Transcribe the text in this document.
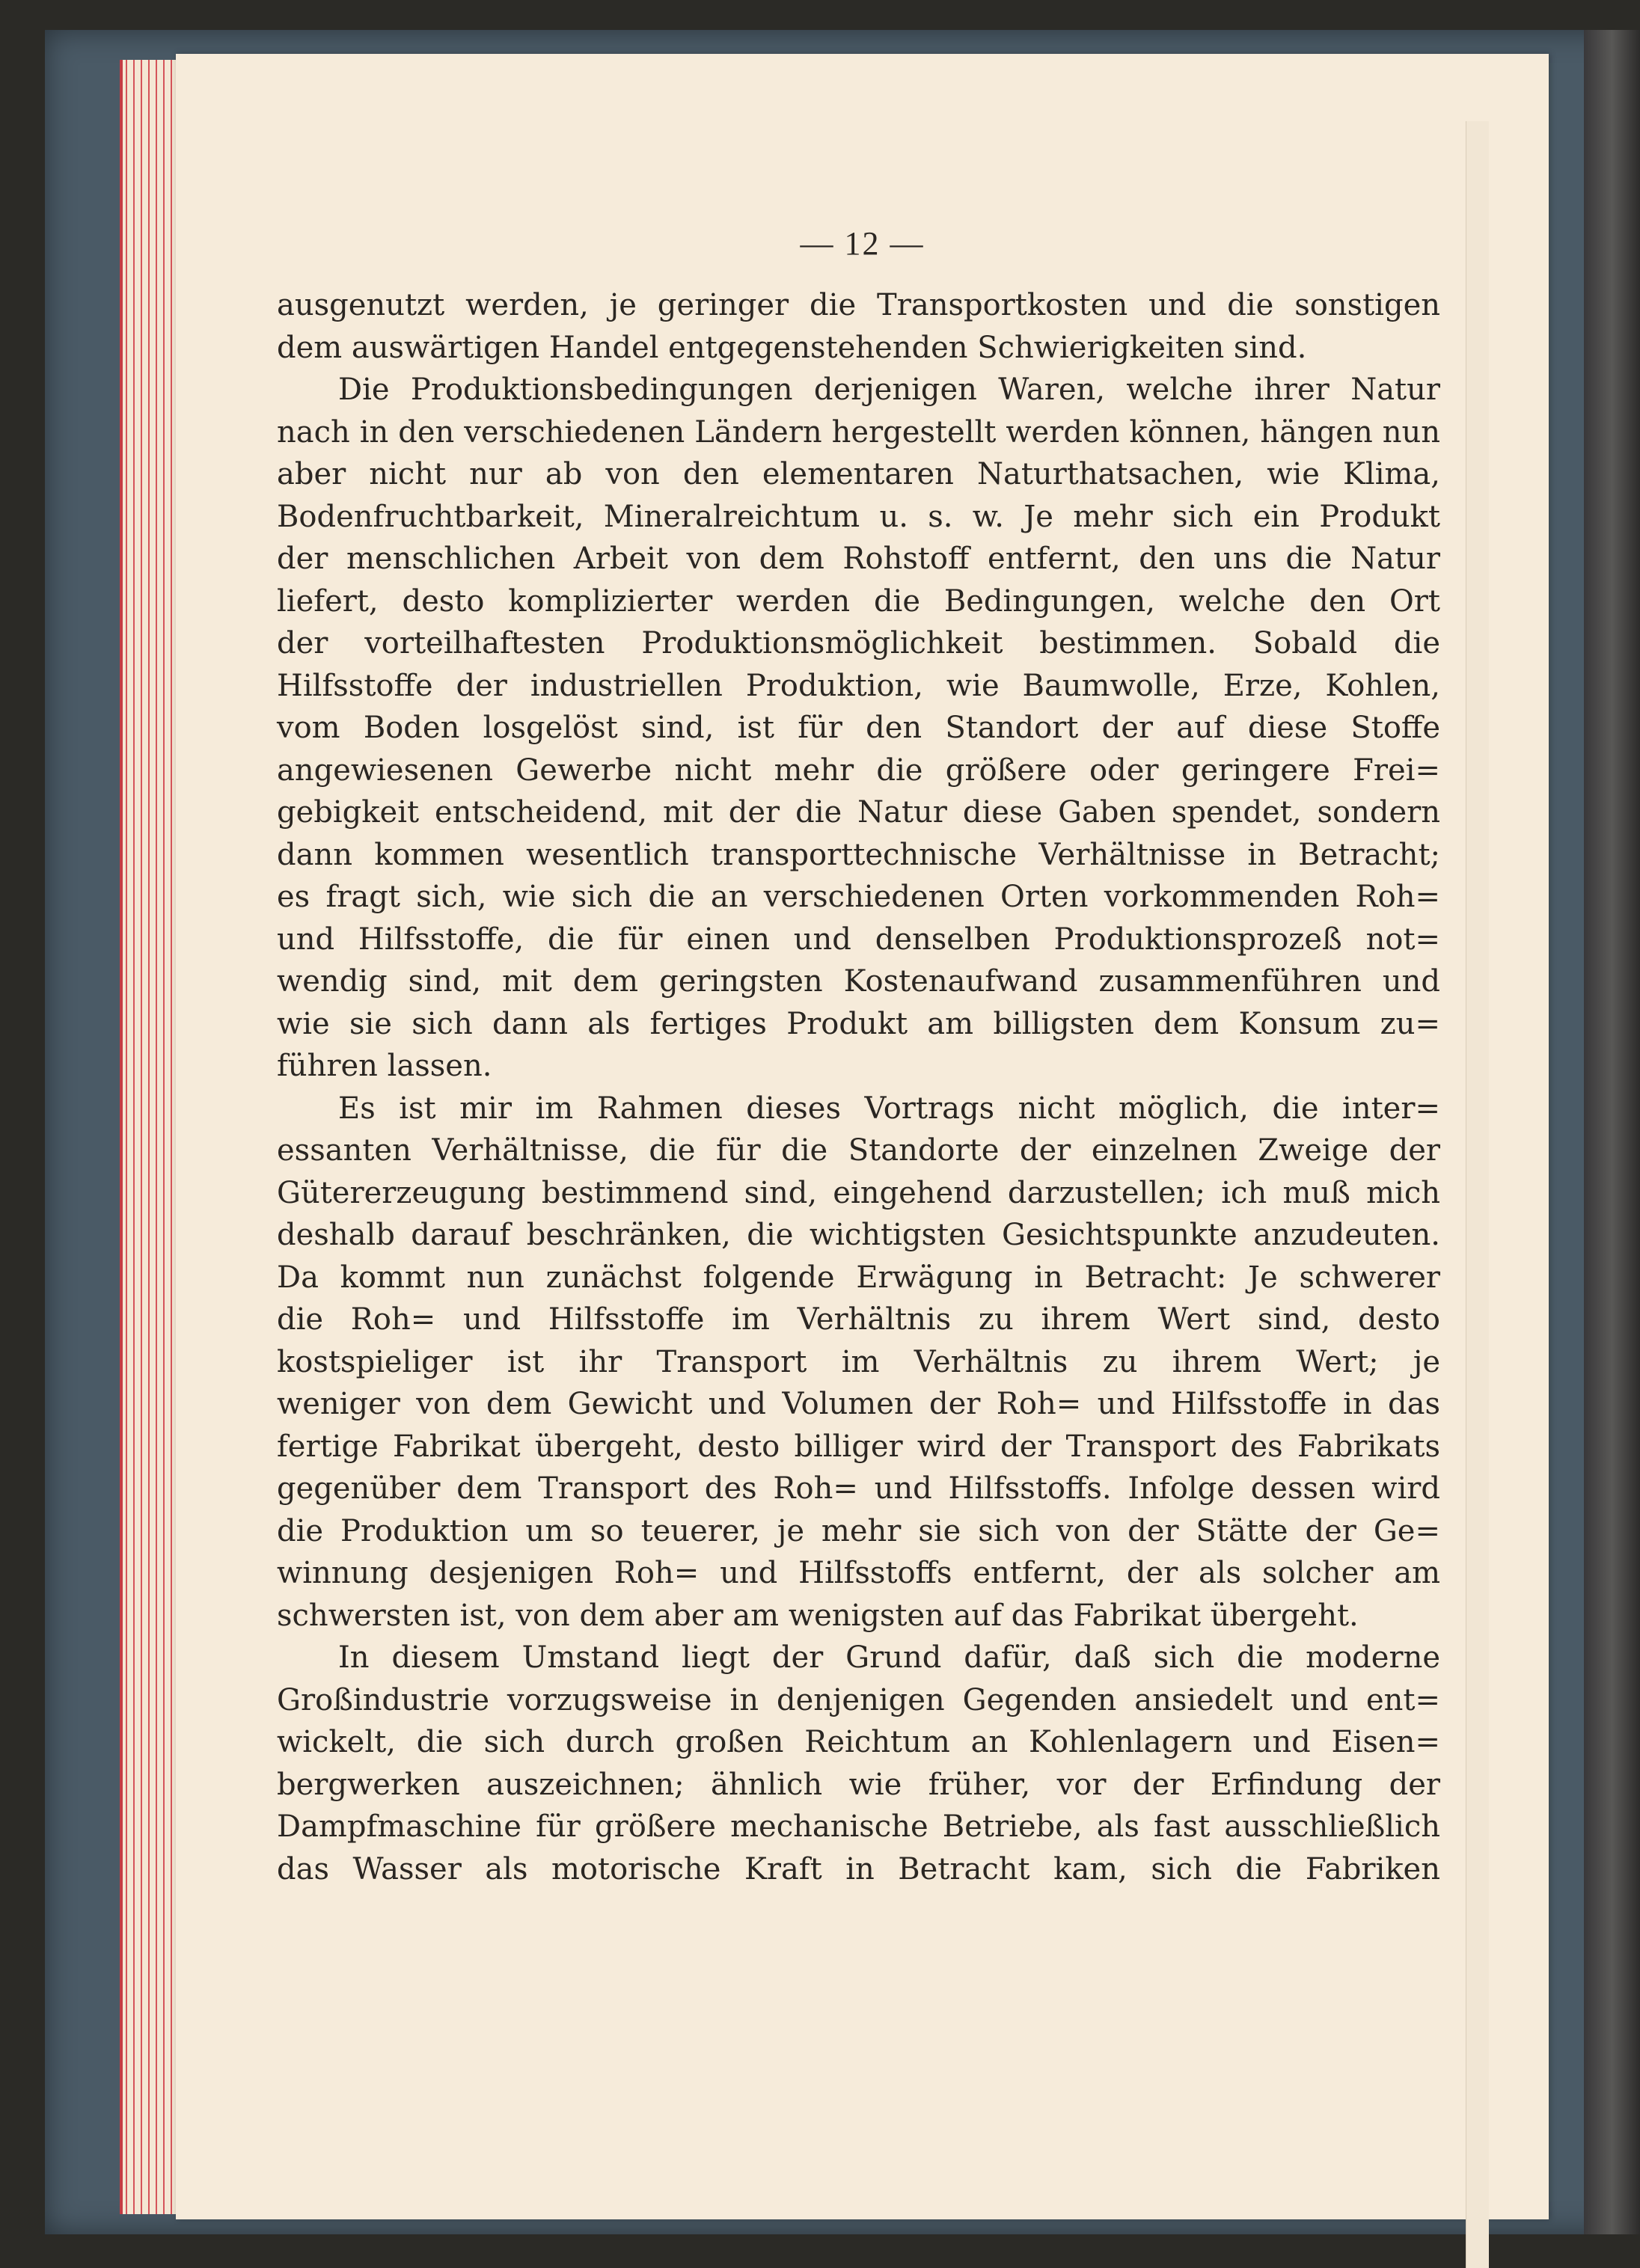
— 12 —
ausgenutzt werden, je geringer die Transportkosten und die sonstigen
dem auswärtigen Handel entgegenstehenden Schwierigkeiten sind.
Die Produktionsbedingungen derjenigen Waren, welche ihrer Natur
nach in den verschiedenen Ländern hergestellt werden können, hängen nun
aber nicht nur ab von den elementaren Naturthatsachen, wie Klima,
Bodenfruchtbarkeit, Mineralreichtum u. s. w. Je mehr sich ein Produkt
der menschlichen Arbeit von dem Rohstoff entfernt, den uns die Natur
liefert, desto komplizierter werden die Bedingungen, welche den Ort
der vorteilhaftesten Produktionsmöglichkeit bestimmen. Sobald die
Hilfsstoffe der industriellen Produktion, wie Baumwolle, Erze, Kohlen,
vom Boden losgelöst sind, ist für den Standort der auf diese Stoffe
angewiesenen Gewerbe nicht mehr die größere oder geringere Frei=
gebigkeit entscheidend, mit der die Natur diese Gaben spendet, sondern
dann kommen wesentlich transporttechnische Verhältnisse in Betracht;
es fragt sich, wie sich die an verschiedenen Orten vorkommenden Roh=
und Hilfsstoffe, die für einen und denselben Produktionsprozeß not=
wendig sind, mit dem geringsten Kostenaufwand zusammenführen und
wie sie sich dann als fertiges Produkt am billigsten dem Konsum zu=
führen lassen.
Es ist mir im Rahmen dieses Vortrags nicht möglich, die inter=
essanten Verhältnisse, die für die Standorte der einzelnen Zweige der
Gütererzeugung bestimmend sind, eingehend darzustellen; ich muß mich
deshalb darauf beschränken, die wichtigsten Gesichtspunkte anzudeuten.
Da kommt nun zunächst folgende Erwägung in Betracht: Je schwerer
die Roh= und Hilfsstoffe im Verhältnis zu ihrem Wert sind, desto
kostspieliger ist ihr Transport im Verhältnis zu ihrem Wert; je
weniger von dem Gewicht und Volumen der Roh= und Hilfsstoffe in das
fertige Fabrikat übergeht, desto billiger wird der Transport des Fabrikats
gegenüber dem Transport des Roh= und Hilfsstoffs. Infolge dessen wird
die Produktion um so teuerer, je mehr sie sich von der Stätte der Ge=
winnung desjenigen Roh= und Hilfsstoffs entfernt, der als solcher am
schwersten ist, von dem aber am wenigsten auf das Fabrikat übergeht.
In diesem Umstand liegt der Grund dafür, daß sich die moderne
Großindustrie vorzugsweise in denjenigen Gegenden ansiedelt und ent=
wickelt, die sich durch großen Reichtum an Kohlenlagern und Eisen=
bergwerken auszeichnen; ähnlich wie früher, vor der Erfindung der
Dampfmaschine für größere mechanische Betriebe, als fast ausschließlich
das Wasser als motorische Kraft in Betracht kam, sich die Fabriken
